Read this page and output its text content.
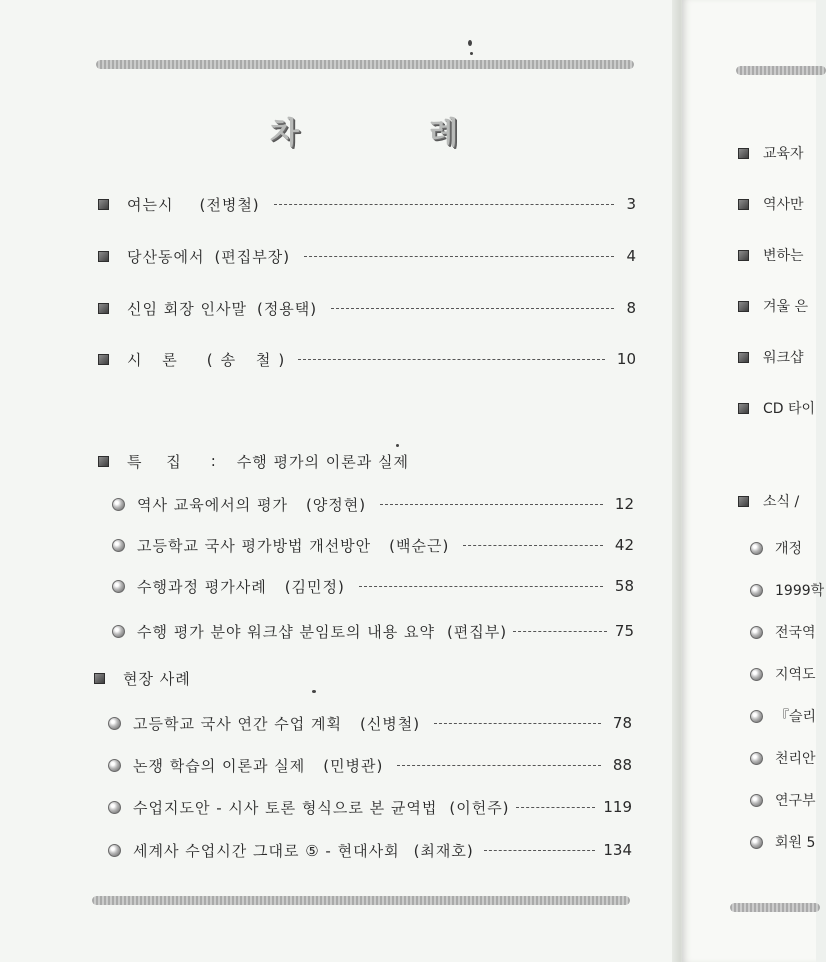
차	례
여는시 (전병철)	3
당산동에서 (편집부장)	4
신임 회장 인사말 (정용택)	8
시 론 (송 철)	10
특 집 : 수행 평가의 이론과 실제
역사 교육에서의 평가 (양정현)	12
고등학교 국사 평가방법 개선방안 (백순근)	42
수행과정 평가사례 (김민정)	58
수행 평가 분야 워크샵 분임토의 내용 요약 (편집부)	75
현장 사례
고등학교 국사 연간 수업 계획 (신병철)	78
논쟁 학습의 이론과 실제 (민병관)	88
수업지도안 - 시사 토론 형식으로 본 균역법 (이헌주)	119
세계사 수업시간 그대로 ⑤ - 현대사회 (최재호)	134
교육자
역사만
변하는
겨울 은
워크샵
CD 타이
소식 /
개정
1999학
전국역
지역도
『슬리
천리안
연구부
회원 5
